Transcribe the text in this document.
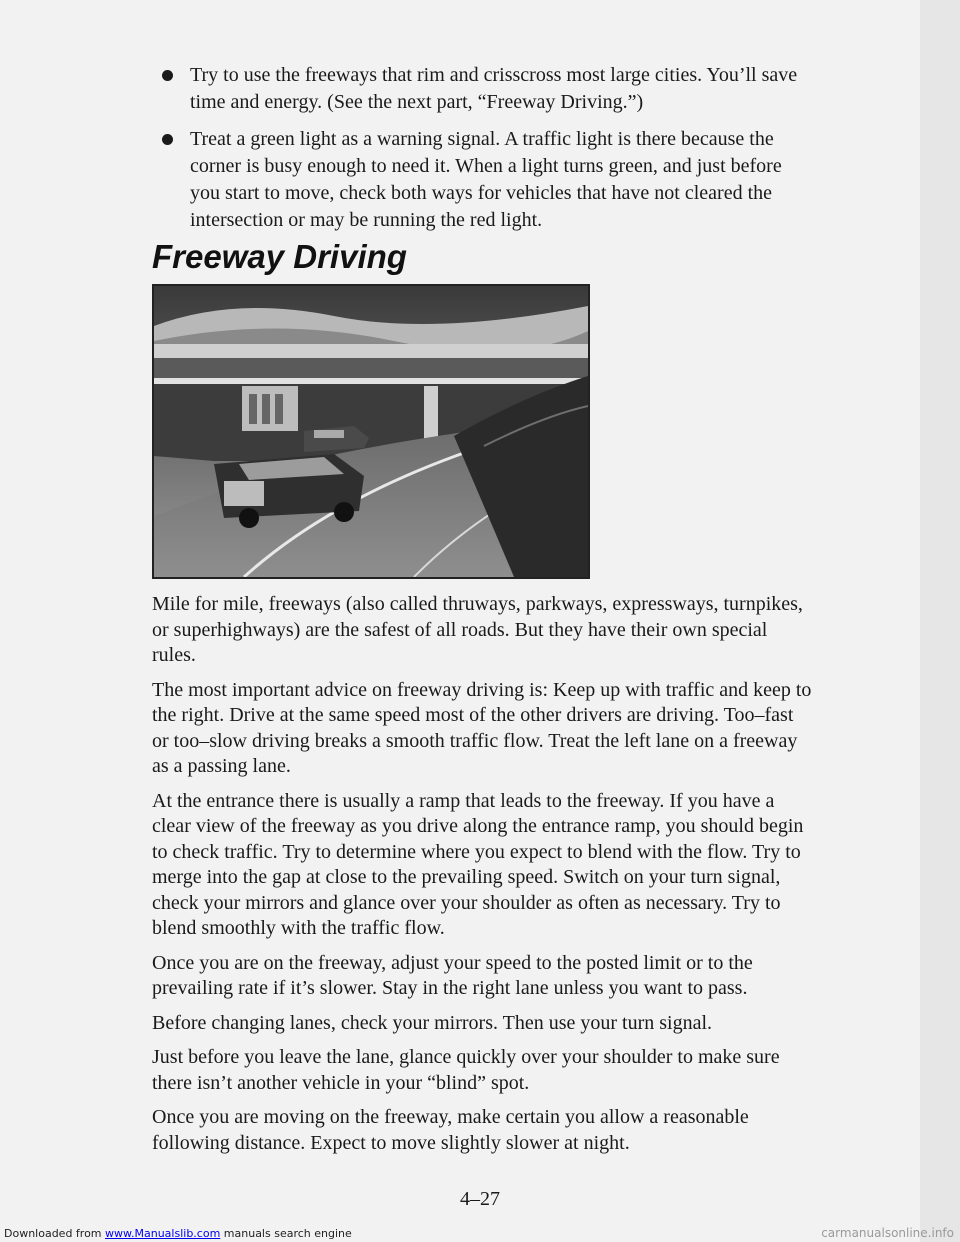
Try to use the freeways that rim and crisscross most large cities. You’ll save time and energy. (See the next part, “Freeway Driving.”)
Treat a green light as a warning signal. A traffic light is there because the corner is busy enough to need it. When a light turns green, and just before you start to move, check both ways for vehicles that have not cleared the intersection or may be running the red light.
Freeway Driving

Mile for mile, freeways (also called thruways, parkways, expressways, turnpikes, or superhighways) are the safest of all roads. But they have their own special rules.

The most important advice on freeway driving is: Keep up with traffic and keep to the right. Drive at the same speed most of the other drivers are driving. Too–fast or too–slow driving breaks a smooth traffic flow. Treat the left lane on a freeway as a passing lane.

At the entrance there is usually a ramp that leads to the freeway. If you have a clear view of the freeway as you drive along the entrance ramp, you should begin to check traffic. Try to determine where you expect to blend with the flow. Try to merge into the gap at close to the prevailing speed. Switch on your turn signal, check your mirrors and glance over your shoulder as often as necessary. Try to blend smoothly with the traffic flow.

Once you are on the freeway, adjust your speed to the posted limit or to the prevailing rate if it’s slower. Stay in the right lane unless you want to pass.

Before changing lanes, check your mirrors. Then use your turn signal.

Just before you leave the lane, glance quickly over your shoulder to make sure there isn’t another vehicle in your “blind” spot.

Once you are moving on the freeway, make certain you allow a reasonable following distance. Expect to move slightly slower at night.

4–27
Downloaded from www.Manualslib.com manuals search engine	carmanualsonline.info
